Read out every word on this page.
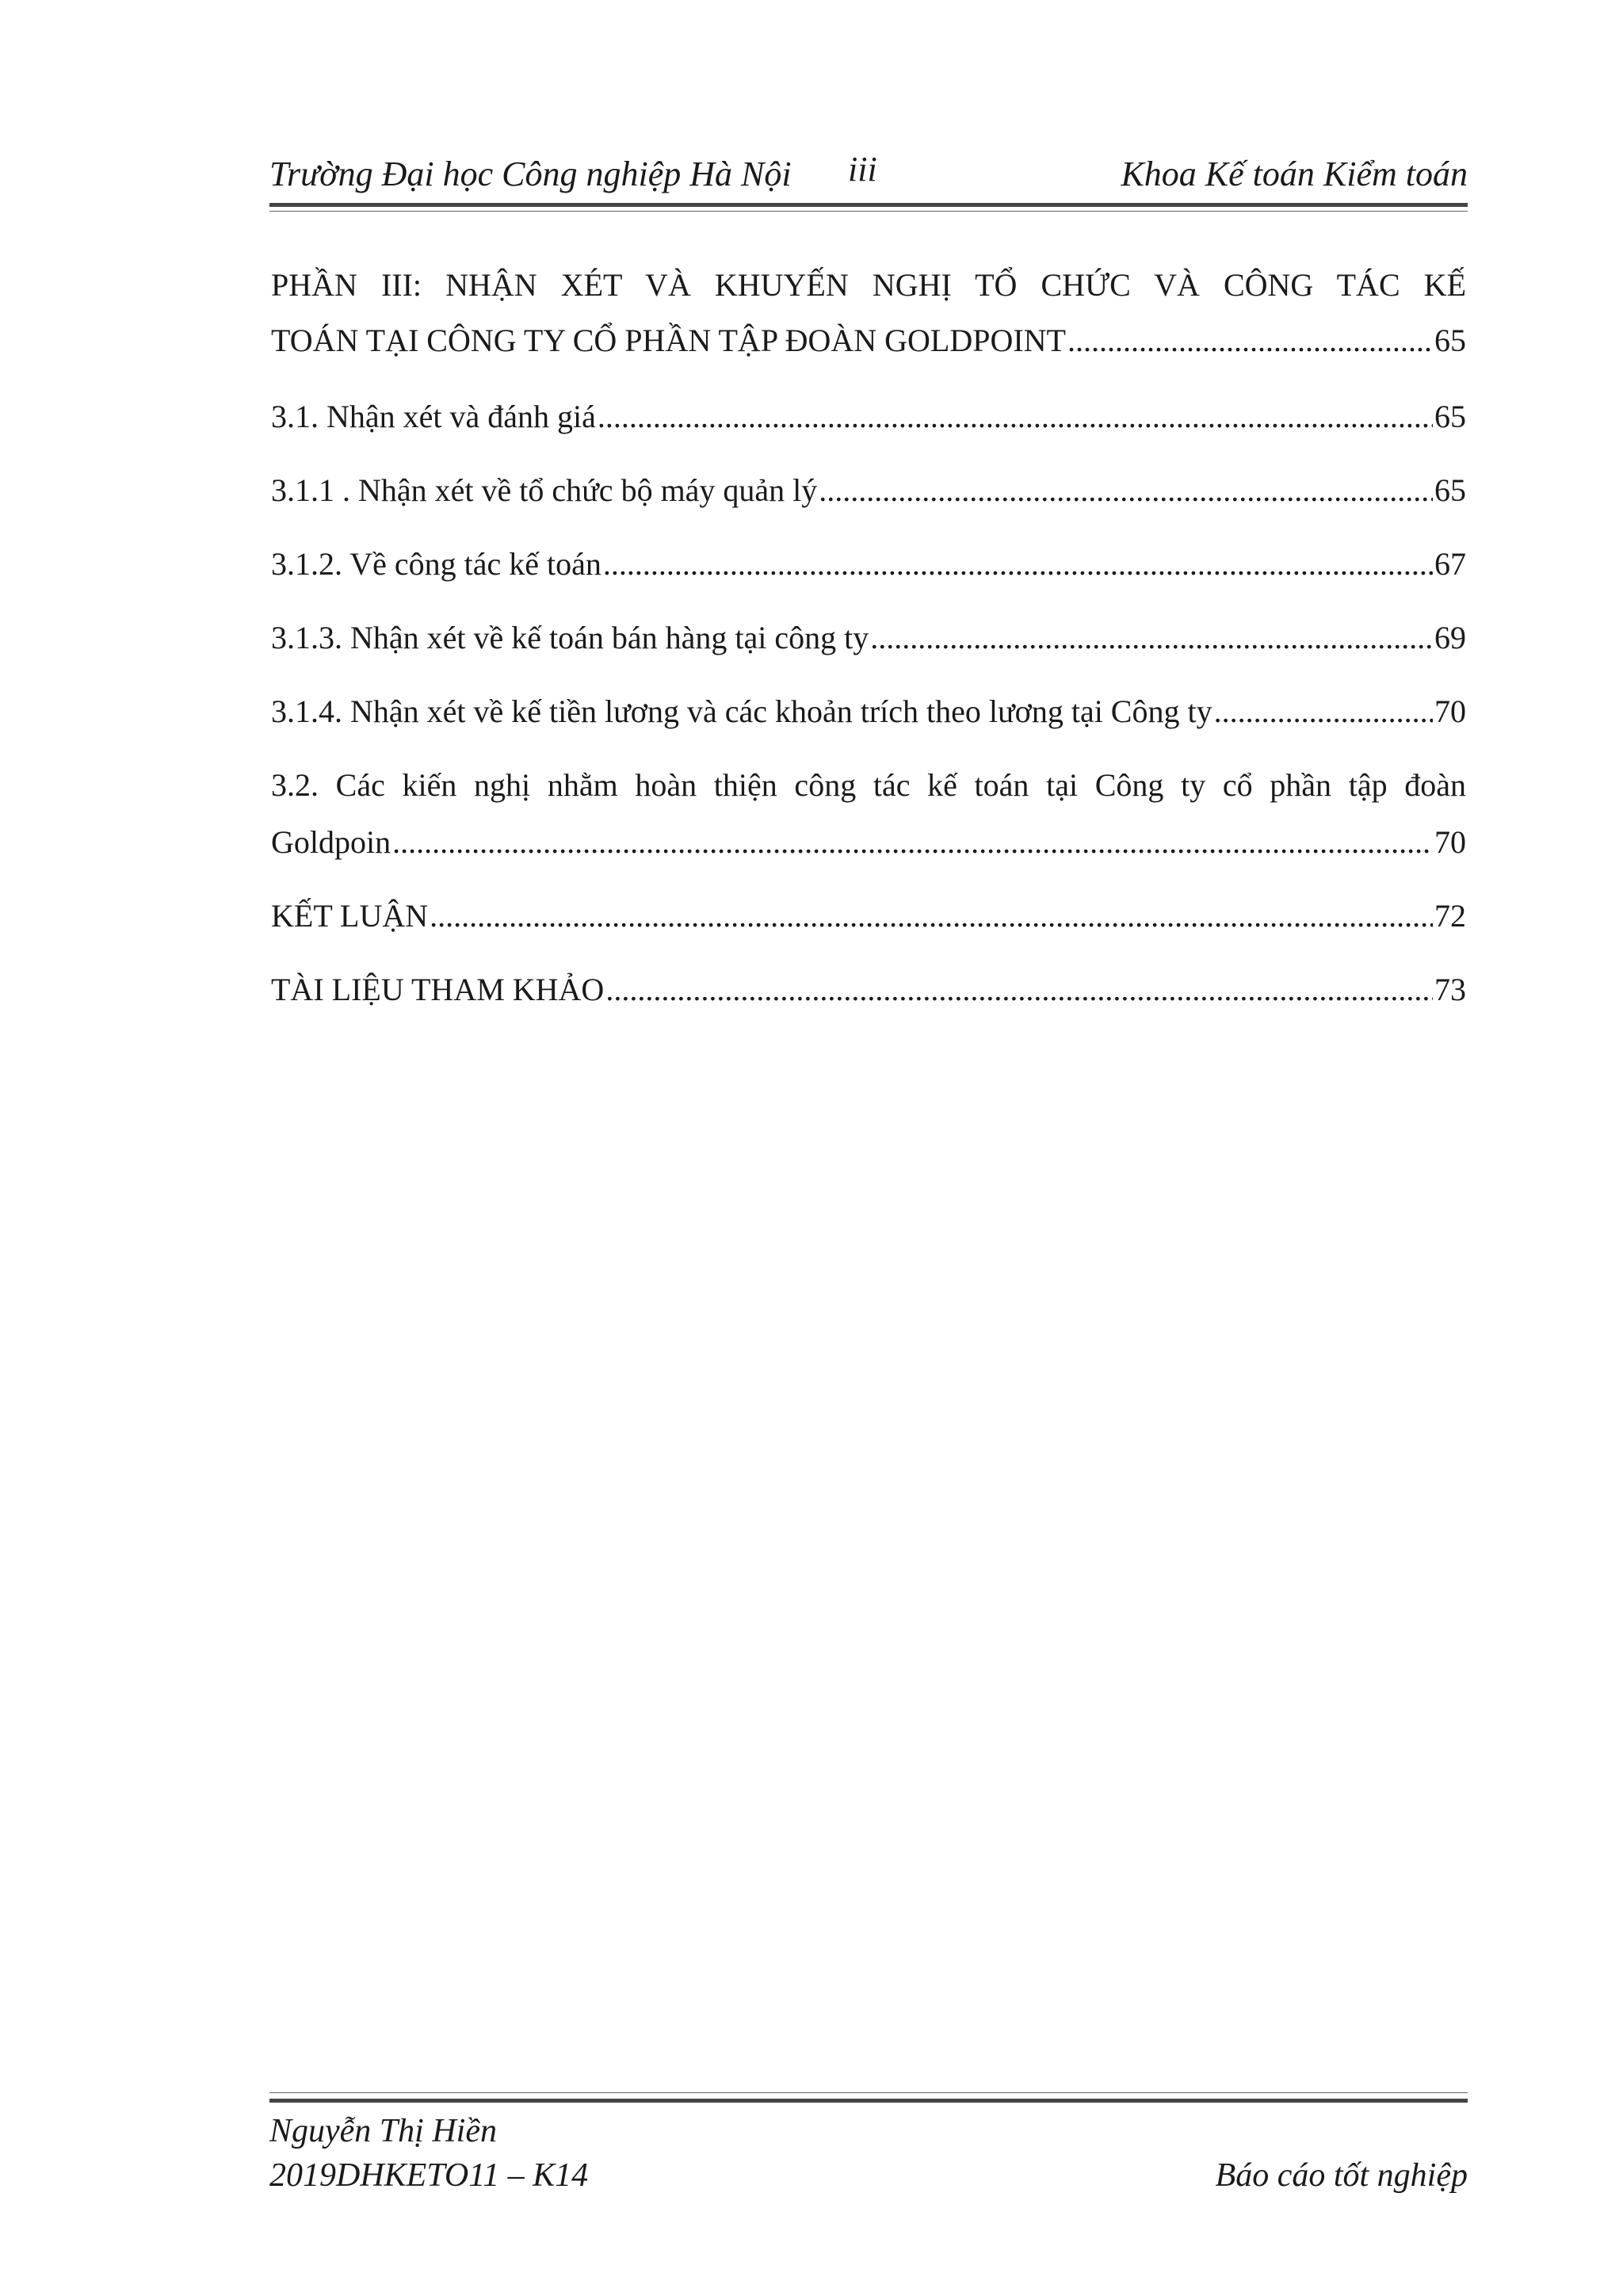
Trường Đại học Công nghiệp Hà Nội iii	Khoa Kế toán Kiểm toán
PHẦN III: NHẬN XÉT VÀ KHUYẾN NGHỊ TỔ CHỨC VÀ CÔNG TÁC KẾ
TOÁN TẠI CÔNG TY CỔ PHẦN TẬP ĐOÀN GOLDPOINT .....	65
3.1. Nhận xét và đánh giá .....	65
3.1.1 . Nhận xét về tổ chức bộ máy quản lý .....	65
3.1.2. Về công tác kế toán .....	67
3.1.3. Nhận xét về kế toán bán hàng tại công ty .....	69
3.1.4. Nhận xét về kế tiền lương và các khoản trích theo lương tại Công ty .....	70
3.2. Các kiến nghị nhằm hoàn thiện công tác kế toán tại Công ty cổ phần tập đoàn
Goldpoin .....	70
KẾT LUẬN .....	72
TÀI LIỆU THAM KHẢO .....	73
Nguyễn Thị Hiền
2019DHKETO11 – K14	Báo cáo tốt nghiệp
